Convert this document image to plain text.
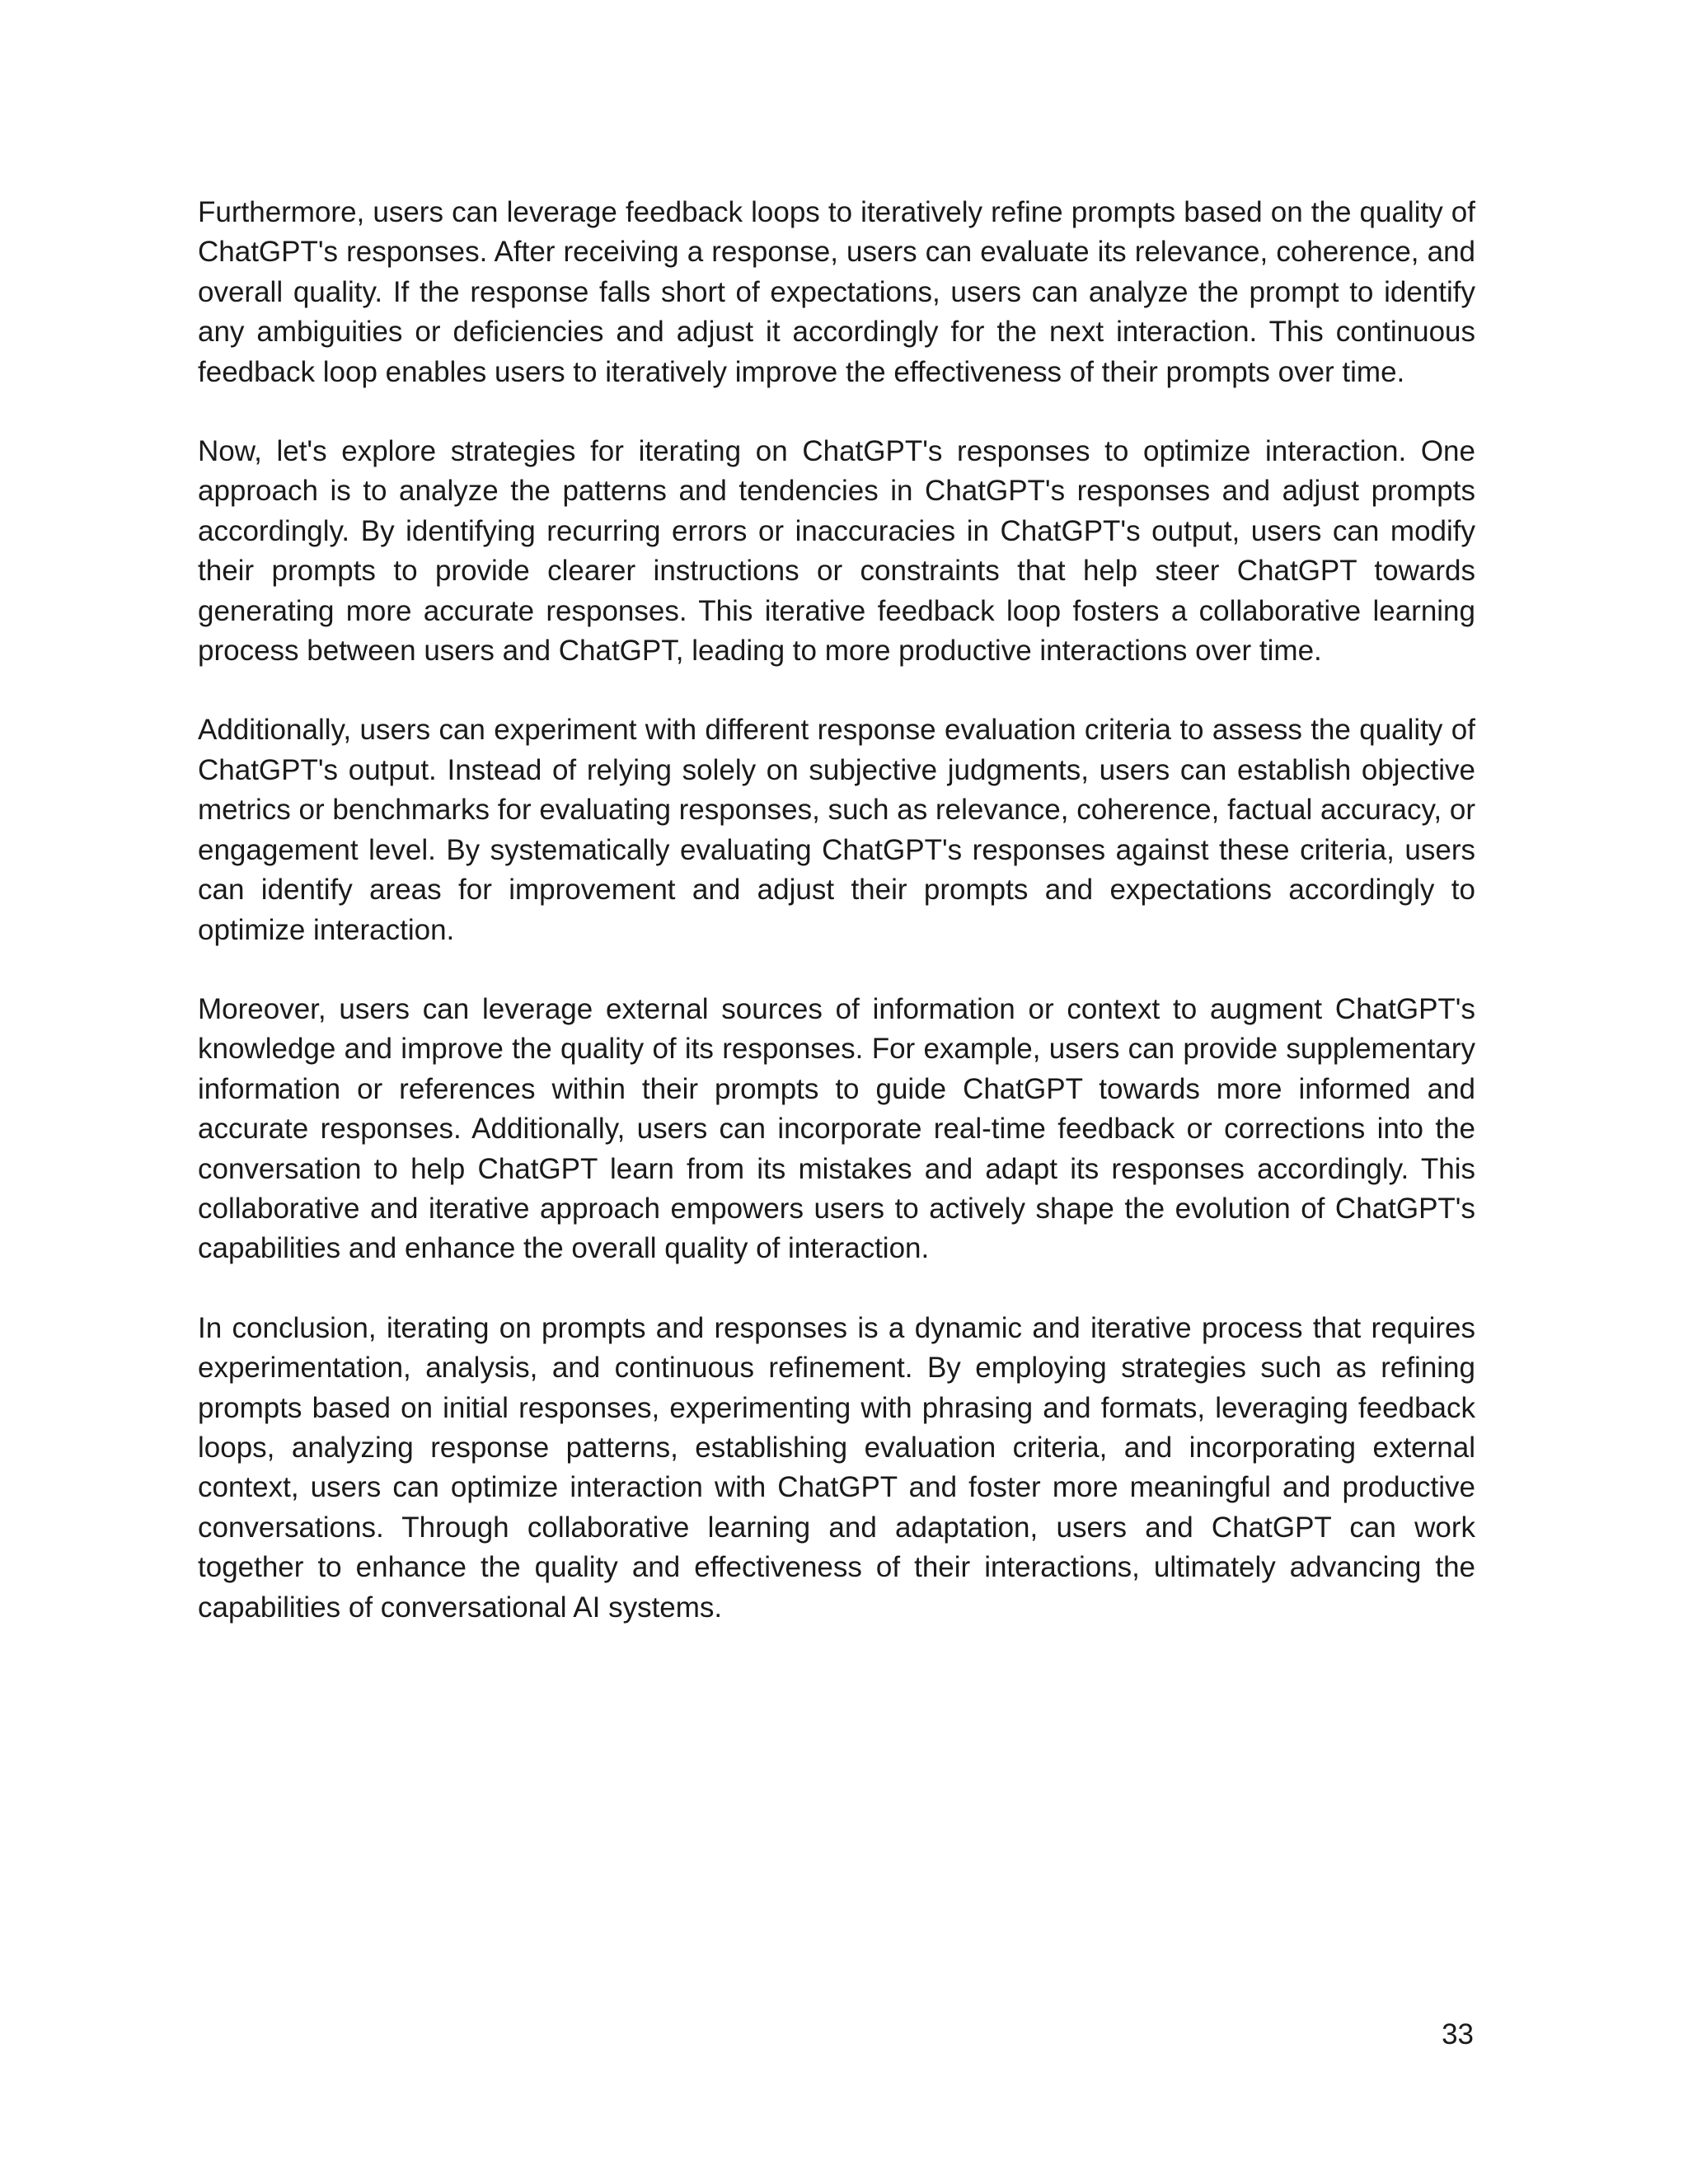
Furthermore, users can leverage feedback loops to iteratively refine prompts based on the quality of ChatGPT's responses. After receiving a response, users can evaluate its relevance, coherence, and overall quality. If the response falls short of expectations, users can analyze the prompt to identify any ambiguities or deficiencies and adjust it accordingly for the next interaction. This continuous feedback loop enables users to iteratively improve the effectiveness of their prompts over time.

Now, let's explore strategies for iterating on ChatGPT's responses to optimize interaction. One approach is to analyze the patterns and tendencies in ChatGPT's responses and adjust prompts accordingly. By identifying recurring errors or inaccuracies in ChatGPT's output, users can modify their prompts to provide clearer instructions or constraints that help steer ChatGPT towards generating more accurate responses. This iterative feedback loop fosters a collaborative learning process between users and ChatGPT, leading to more productive interactions over time.

Additionally, users can experiment with different response evaluation criteria to assess the quality of ChatGPT's output. Instead of relying solely on subjective judgments, users can establish objective metrics or benchmarks for evaluating responses, such as relevance, coherence, factual accuracy, or engagement level. By systematically evaluating ChatGPT's responses against these criteria, users can identify areas for improvement and adjust their prompts and expectations accordingly to optimize interaction.

Moreover, users can leverage external sources of information or context to augment ChatGPT's knowledge and improve the quality of its responses. For example, users can provide supplementary information or references within their prompts to guide ChatGPT towards more informed and accurate responses. Additionally, users can incorporate real-time feedback or corrections into the conversation to help ChatGPT learn from its mistakes and adapt its responses accordingly. This collaborative and iterative approach empowers users to actively shape the evolution of ChatGPT's capabilities and enhance the overall quality of interaction.

In conclusion, iterating on prompts and responses is a dynamic and iterative process that requires experimentation, analysis, and continuous refinement. By employing strategies such as refining prompts based on initial responses, experimenting with phrasing and formats, leveraging feedback loops, analyzing response patterns, establishing evaluation criteria, and incorporating external context, users can optimize interaction with ChatGPT and foster more meaningful and productive conversations. Through collaborative learning and adaptation, users and ChatGPT can work together to enhance the quality and effectiveness of their interactions, ultimately advancing the capabilities of conversational AI systems.

33
